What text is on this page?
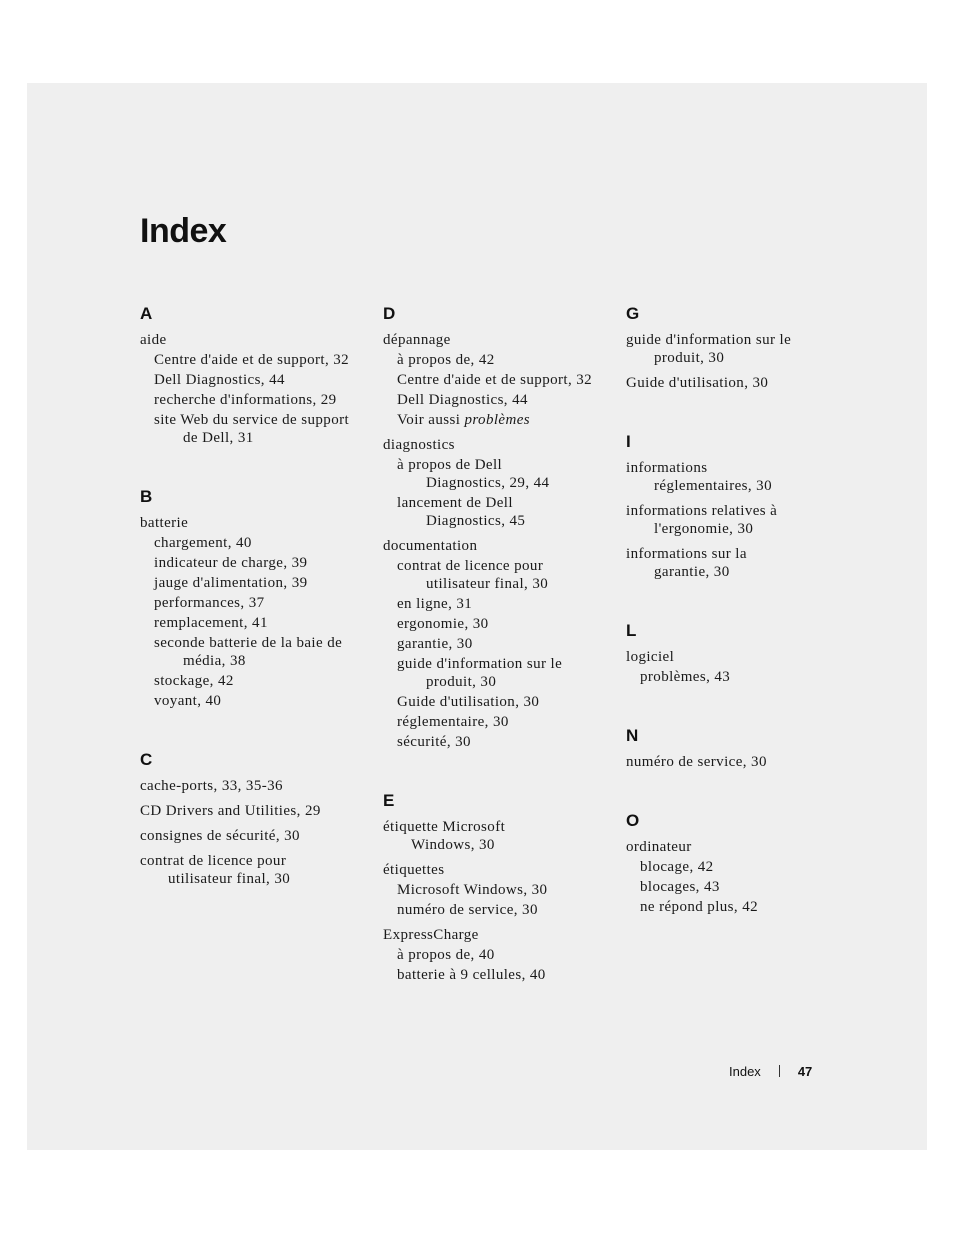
Index
A
aide
Centre d'aide et de support, 32
Dell Diagnostics, 44
recherche d'informations, 29
site Web du service de support
de Dell, 31
B
batterie
chargement, 40
indicateur de charge, 39
jauge d'alimentation, 39
performances, 37
remplacement, 41
seconde batterie de la baie de
média, 38
stockage, 42
voyant, 40
C
cache-ports, 33, 35-36
CD Drivers and Utilities, 29
consignes de sécurité, 30
contrat de licence pour
utilisateur final, 30
D
dépannage
à propos de, 42
Centre d'aide et de support, 32
Dell Diagnostics, 44
Voir aussi problèmes
diagnostics
à propos de Dell
Diagnostics, 29, 44
lancement de Dell
Diagnostics, 45
documentation
contrat de licence pour
utilisateur final, 30
en ligne, 31
ergonomie, 30
garantie, 30
guide d'information sur le
produit, 30
Guide d'utilisation, 30
réglementaire, 30
sécurité, 30
E
étiquette Microsoft
Windows, 30
étiquettes
Microsoft Windows, 30
numéro de service, 30
ExpressCharge
à propos de, 40
batterie à 9 cellules, 40
G
guide d'information sur le
produit, 30
Guide d'utilisation, 30
I
informations
réglementaires, 30
informations relatives à
l'ergonomie, 30
informations sur la
garantie, 30
L
logiciel
problèmes, 43
N
numéro de service, 30
O
ordinateur
blocage, 42
blocages, 43
ne répond plus, 42
Index	47
